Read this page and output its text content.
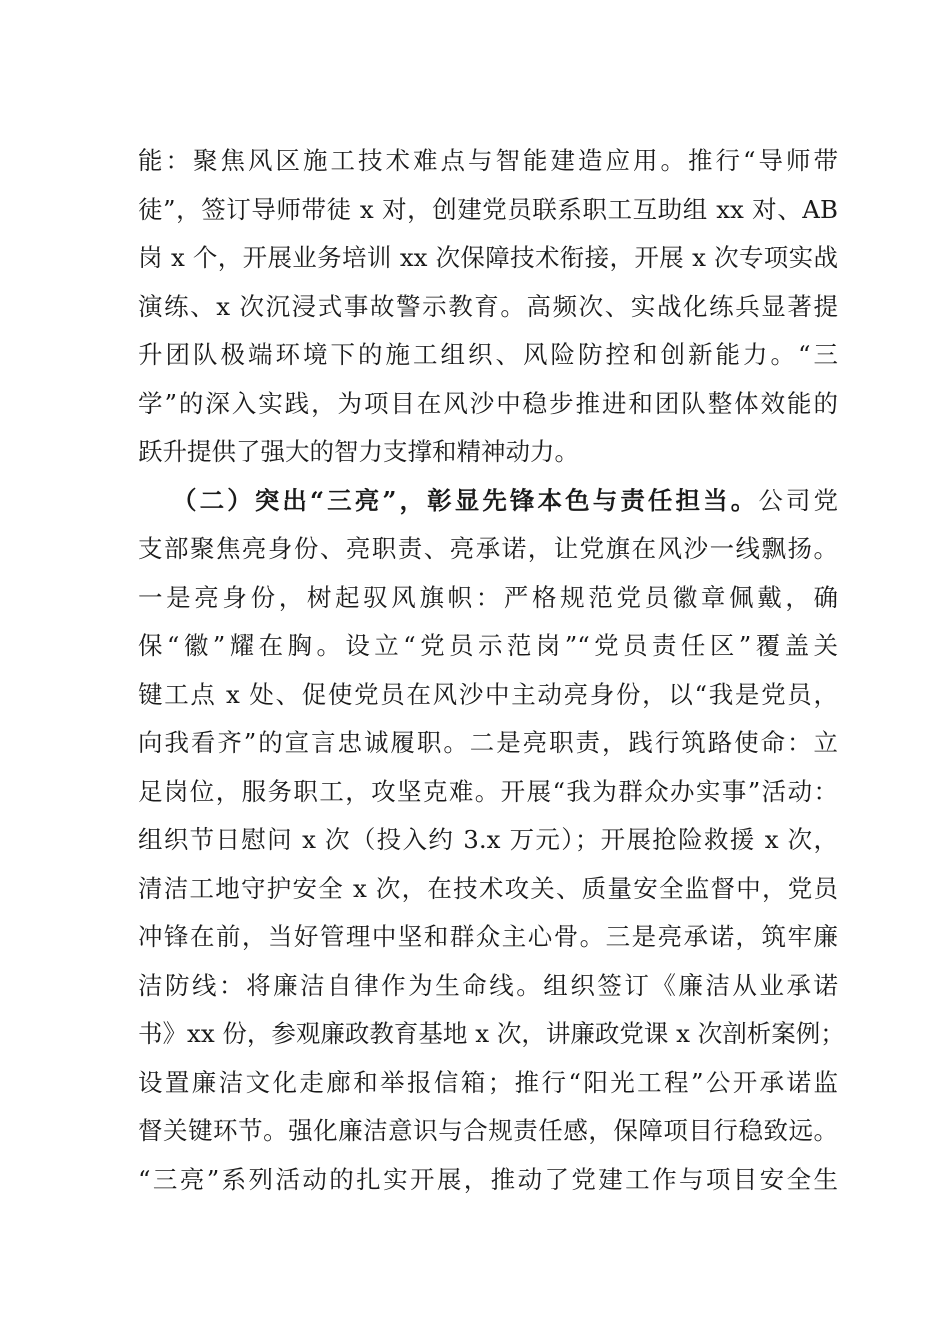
能：聚焦风区施工技术难点与智能建造应用。推行“导师带
徒”，签订导师带徒 x 对，创建党员联系职工互助组 xx 对、AB
岗 x 个，开展业务培训 xx 次保障技术衔接，开展 x 次专项实战
演练、x 次沉浸式事故警示教育。高频次、实战化练兵显著提
升团队极端环境下的施工组织、风险防控和创新能力。“三
学”的深入实践，为项目在风沙中稳步推进和团队整体效能的
跃升提供了强大的智力支撑和精神动力。
（二）突出“三亮”，彰显先锋本色与责任担当。公司党
支部聚焦亮身份、亮职责、亮承诺，让党旗在风沙一线飘扬。
一是亮身份，树起驭风旗帜：严格规范党员徽章佩戴，确
保“徽”耀在胸。设立“党员示范岗”“党员责任区”覆盖关
键工点 x 处、促使党员在风沙中主动亮身份，以“我是党员，
向我看齐”的宣言忠诚履职。二是亮职责，践行筑路使命：立
足岗位，服务职工，攻坚克难。开展“我为群众办实事”活动：
组织节日慰问 x 次（投入约 3.x 万元）；开展抢险救援 x 次，
清洁工地守护安全 x 次，在技术攻关、质量安全监督中，党员
冲锋在前，当好管理中坚和群众主心骨。三是亮承诺，筑牢廉
洁防线：将廉洁自律作为生命线。组织签订《廉洁从业承诺
书》xx 份，参观廉政教育基地 x 次，讲廉政党课 x 次剖析案例；
设置廉洁文化走廊和举报信箱；推行“阳光工程”公开承诺监
督关键环节。强化廉洁意识与合规责任感，保障项目行稳致远。
“三亮”系列活动的扎实开展，推动了党建工作与项目安全生
